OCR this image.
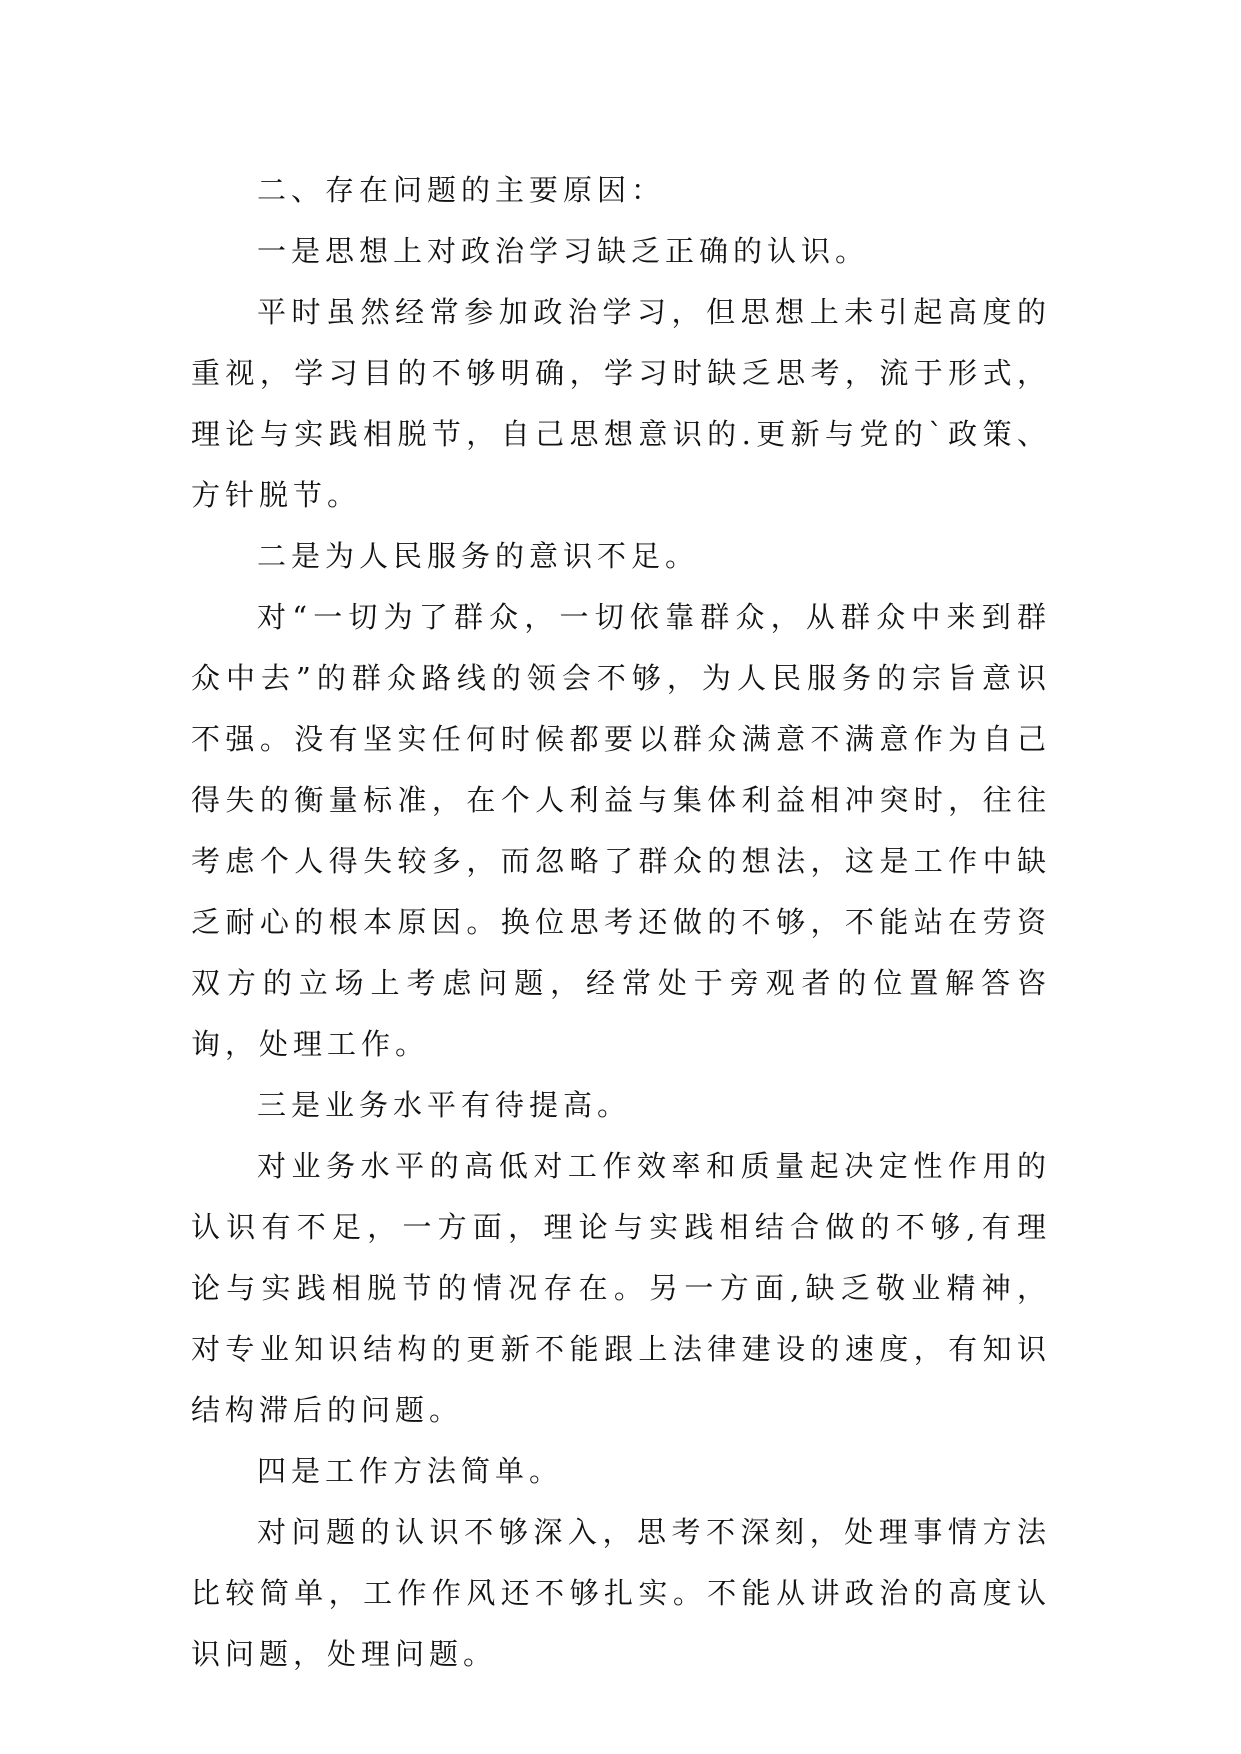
二、存在问题的主要原因：

一是思想上对政治学习缺乏正确的认识。

平时虽然经常参加政治学习，但思想上未引起高度的重视，学习目的不够明确，学习时缺乏思考，流于形式，理论与实践相脱节，自己思想意识的.更新与党的`政策、方针脱节。

二是为人民服务的意识不足。

对“一切为了群众，一切依靠群众，从群众中来到群众中去”的群众路线的领会不够，为人民服务的宗旨意识不强。没有坚实任何时候都要以群众满意不满意作为自己得失的衡量标准，在个人利益与集体利益相冲突时，往往考虑个人得失较多，而忽略了群众的想法，这是工作中缺乏耐心的根本原因。换位思考还做的不够，不能站在劳资双方的立场上考虑问题，经常处于旁观者的位置解答咨询，处理工作。

三是业务水平有待提高。

对业务水平的高低对工作效率和质量起决定性作用的认识有不足，一方面，理论与实践相结合做的不够,有理论与实践相脱节的情况存在。另一方面,缺乏敬业精神，对专业知识结构的更新不能跟上法律建设的速度，有知识结构滞后的问题。

四是工作方法简单。

对问题的认识不够深入，思考不深刻，处理事情方法比较简单，工作作风还不够扎实。不能从讲政治的高度认识问题，处理问题。
